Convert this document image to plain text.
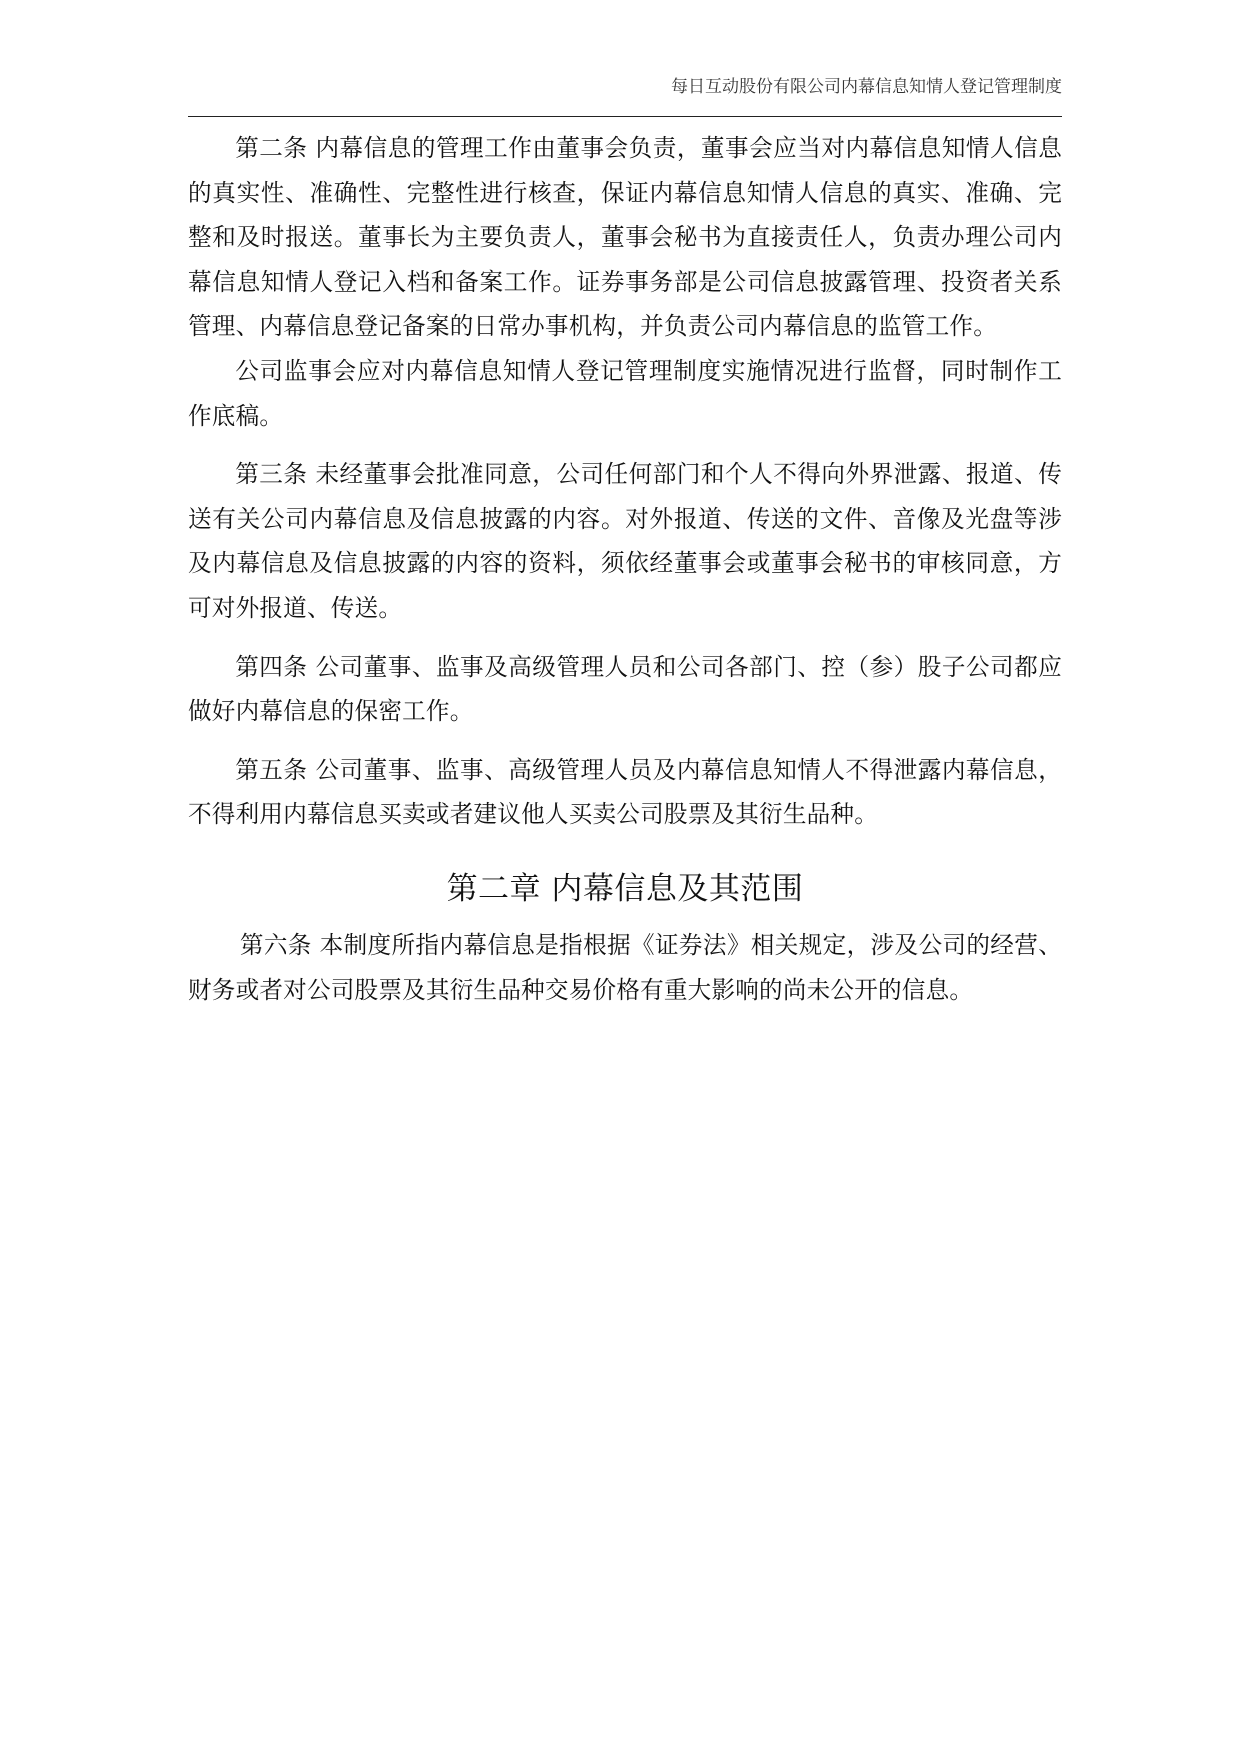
每日互动股份有限公司内幕信息知情人登记管理制度

第二条 内幕信息的管理工作由董事会负责，董事会应当对内幕信息知情人信息的真实性、准确性、完整性进行核查，保证内幕信息知情人信息的真实、准确、完整和及时报送。董事长为主要负责人，董事会秘书为直接责任人，负责办理公司内幕信息知情人登记入档和备案工作。证券事务部是公司信息披露管理、投资者关系管理、内幕信息登记备案的日常办事机构，并负责公司内幕信息的监管工作。

公司监事会应对内幕信息知情人登记管理制度实施情况进行监督，同时制作工作底稿。

第三条 未经董事会批准同意，公司任何部门和个人不得向外界泄露、报道、传送有关公司内幕信息及信息披露的内容。对外报道、传送的文件、音像及光盘等涉及内幕信息及信息披露的内容的资料，须依经董事会或董事会秘书的审核同意，方可对外报道、传送。

第四条 公司董事、监事及高级管理人员和公司各部门、控（参）股子公司都应做好内幕信息的保密工作。

第五条 公司董事、监事、高级管理人员及内幕信息知情人不得泄露内幕信息，不得利用内幕信息买卖或者建议他人买卖公司股票及其衍生品种。

第二章 内幕信息及其范围

第六条 本制度所指内幕信息是指根据《证券法》相关规定，涉及公司的经营、财务或者对公司股票及其衍生品种交易价格有重大影响的尚未公开的信息。
